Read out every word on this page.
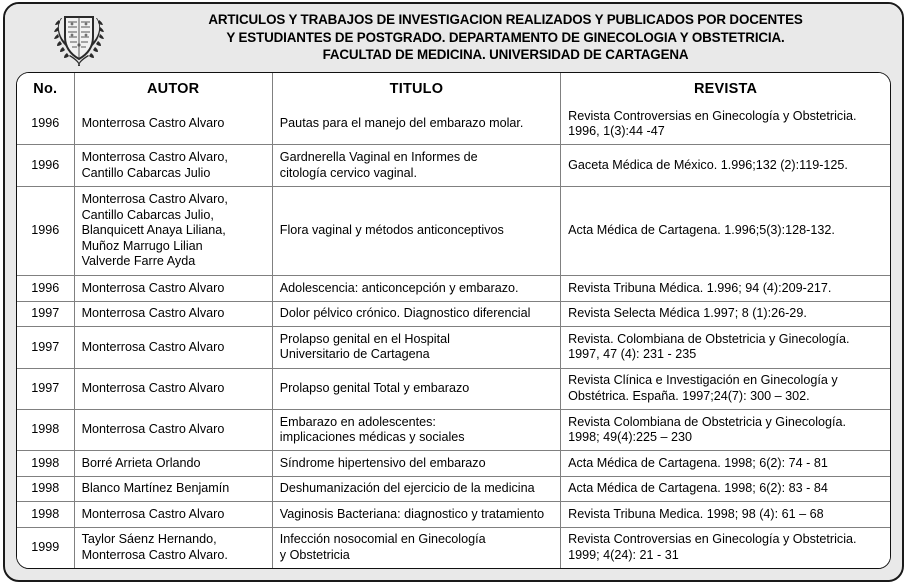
ARTICULOS Y TRABAJOS DE INVESTIGACION REALIZADOS Y PUBLICADOS POR DOCENTES
Y ESTUDIANTES DE POSTGRADO. DEPARTAMENTO DE GINECOLOGIA Y OBSTETRICIA.
FACULTAD DE MEDICINA. UNIVERSIDAD DE CARTAGENA
No.	AUTOR	TITULO	REVISTA
1996	Monterrosa Castro Alvaro	Pautas para el manejo del embarazo molar.	Revista Controversias en Ginecología y Obstetricia.
1996, 1(3):44 -47

1996	Monterrosa Castro Alvaro,
Cantillo Cabarcas Julio	Gardnerella Vaginal en Informes de
citología cervico vaginal.	Gaceta Médica de México. 1.996;132 (2):119-125.

1996	Monterrosa Castro Alvaro,
Cantillo Cabarcas Julio,
Blanquicett Anaya Liliana,
Muñoz Marrugo Lilian
Valverde Farre Ayda	Flora vaginal y métodos anticonceptivos	Acta Médica de Cartagena. 1.996;5(3):128-132.

1996	Monterrosa Castro Alvaro	Adolescencia: anticoncepción y embarazo.	Revista Tribuna Médica. 1.996; 94 (4):209-217.

1997	Monterrosa Castro Alvaro	Dolor pélvico crónico. Diagnostico diferencial	Revista Selecta Médica 1.997; 8 (1):26-29.

1997	Monterrosa Castro Alvaro	Prolapso genital en el Hospital
Universitario de Cartagena	Revista. Colombiana de Obstetricia y Ginecología.
1997, 47 (4): 231 - 235

1997	Monterrosa Castro Alvaro	Prolapso genital Total y embarazo	Revista Clínica e Investigación en Ginecología y
Obstétrica. España. 1997;24(7): 300 – 302.

1998	Monterrosa Castro Alvaro	Embarazo en adolescentes:
implicaciones médicas y sociales	Revista Colombiana de Obstetricia y Ginecología.
1998; 49(4):225 – 230

1998	Borré Arrieta Orlando	Síndrome hipertensivo del embarazo	Acta Médica de Cartagena. 1998; 6(2): 74 - 81

1998	Blanco Martínez Benjamín	Deshumanización del ejercicio de la medicina	Acta Médica de Cartagena. 1998; 6(2): 83 - 84

1998	Monterrosa Castro Alvaro	Vaginosis Bacteriana: diagnostico y tratamiento	Revista Tribuna Medica. 1998; 98 (4): 61 – 68

1999	Taylor Sáenz Hernando,
Monterrosa Castro Alvaro.	Infección nosocomial en Ginecología
y Obstetricia	Revista Controversias en Ginecología y Obstetricia.
1999; 4(24): 21 - 31
